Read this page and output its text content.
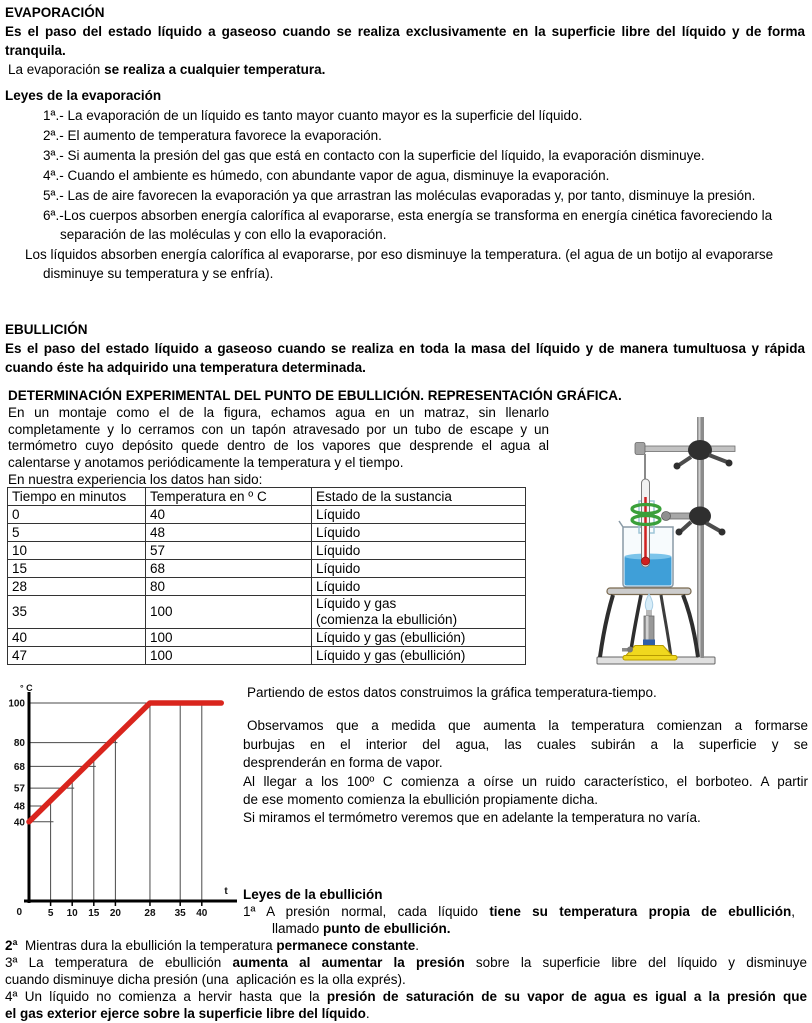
EVAPORACIÓN

Es el paso del estado líquido a gaseoso cuando se realiza exclusivamente en la superficie libre del líquido y de forma tranquila.

La evaporación se realiza a cualquier temperatura.

Leyes de la evaporación
1ª.- La evaporación de un líquido es tanto mayor cuanto mayor es la superficie del líquido.
2ª.- El aumento de temperatura favorece la evaporación.
3ª.- Si aumenta la presión del gas que está en contacto con la superficie del líquido, la evaporación disminuye.
4ª.- Cuando el ambiente es húmedo, con abundante vapor de agua, disminuye la evaporación.
5ª.- Las de aire favorecen la evaporación ya que arrastran las moléculas evaporadas y, por tanto, disminuye la presión.
6ª.-Los cuerpos absorben energía calorífica al evaporarse, esta energía se transforma en energía cinética favoreciendo la separación de las moléculas y con ello la evaporación.

Los líquidos absorben energía calorífica al evaporarse, por eso disminuye la temperatura. (el agua de un botijo al evaporarse disminuye su temperatura y se enfría).

EBULLICIÓN

Es el paso del estado líquido a gaseoso cuando se realiza en toda la masa del líquido y de manera tumultuosa y rápida cuando éste ha adquirido una temperatura determinada.

DETERMINACIÓN EXPERIMENTAL DEL PUNTO DE EBULLICIÓN. REPRESENTACIÓN GRÁFICA.
En un montaje como el de la figura, echamos agua en un matraz, sin llenarlo
completamente y lo cerramos con un tapón atravesado por un tubo de escape y un
termómetro cuyo depósito quede dentro de los vapores que desprende el agua al
calentarse y anotamos periódicamente la temperatura y el tiempo.
En nuestra experiencia los datos han sido:
Tiempo en minutos	Temperatura en º C	Estado de la sustancia

0	40	Líquido

5	48	Líquido

10	57	Líquido

15	68	Líquido

28	80	Líquido

35	100	Líquido y gas
(comienza la ebullición)

40	100	Líquido y gas (ebullición)

47	100	Líquido y gas (ebullición)
40
48
57
68
80
100
5 10 15 20 28 35 40
0
° C
t
Partiendo de estos datos construimos la gráfica temperatura-tiempo.
Observamos que a medida que aumenta la temperatura comienzan a formarse
burbujas en el interior del agua, las cuales subirán a la superficie y se
desprenderán en forma de vapor.
Al llegar a los 100º C comienza a oírse un ruido característico, el borboteo. A partir
de ese momento comienza la ebullición propiamente dicha.
Si miramos el termómetro veremos que en adelante la temperatura no varía.
Leyes de la ebullición
1ª A presión normal, cada líquido tiene su temperatura propia de ebullición,
llamado punto de ebullición.
2ª  Mientras dura la ebullición la temperatura permanece constante.
3ª La temperatura de ebullición aumenta al aumentar la presión sobre la superficie libre del líquido y disminuye
cuando disminuye dicha presión (una  aplicación es la olla exprés).
4ª Un líquido no comienza a hervir hasta que la presión de saturación de su vapor de agua es igual a la presión que
el gas exterior ejerce sobre la superficie libre del líquido.
